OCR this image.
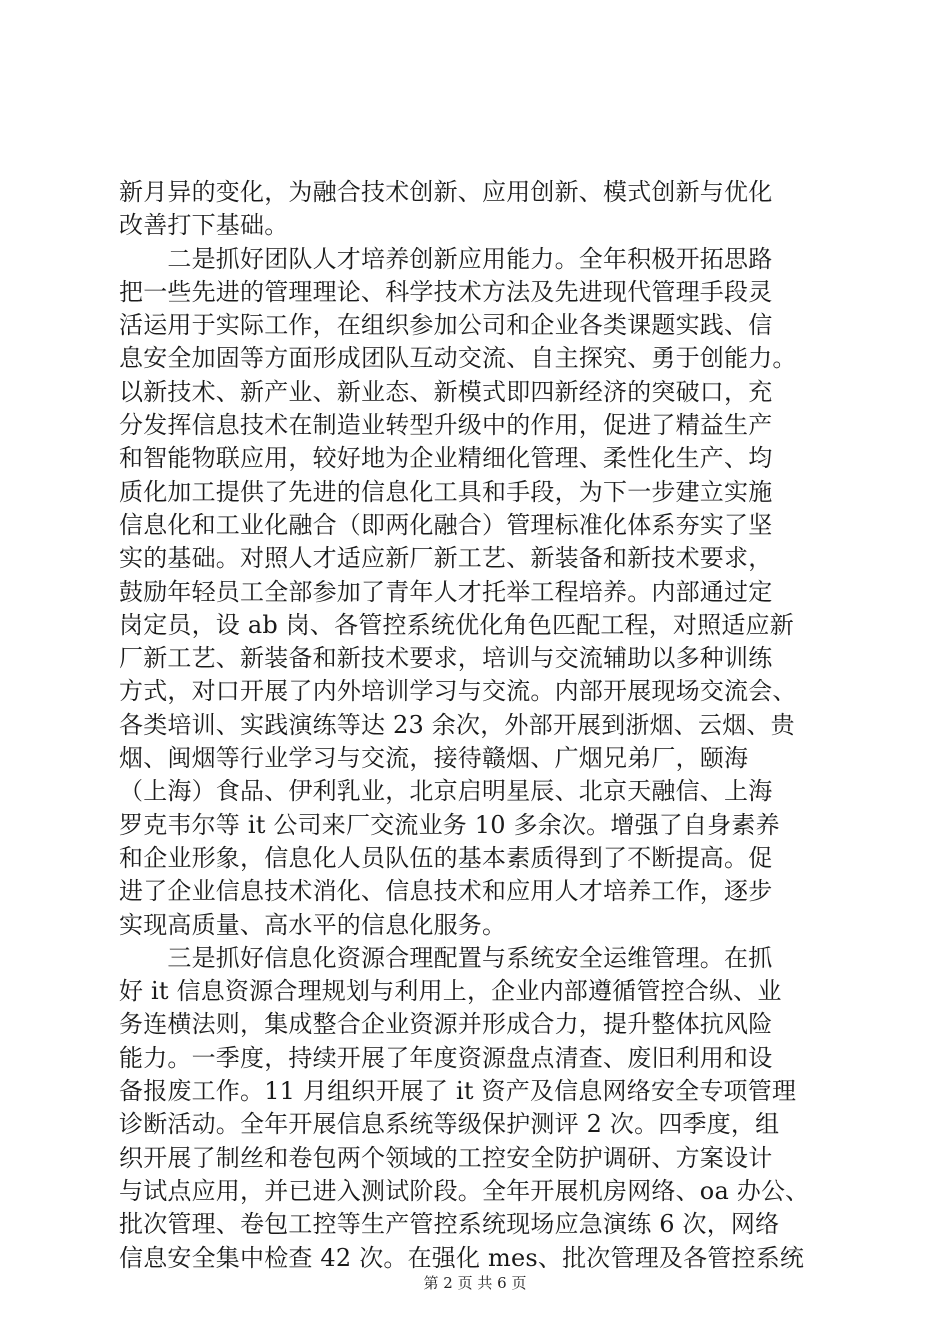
新月异的变化，为融合技术创新、应用创新、模式创新与优化
改善打下基础。
　　二是抓好团队人才培养创新应用能力。全年积极开拓思路
把一些先进的管理理论、科学技术方法及先进现代管理手段灵
活运用于实际工作，在组织参加公司和企业各类课题实践、信
息安全加固等方面形成团队互动交流、自主探究、勇于创能力。
以新技术、新产业、新业态、新模式即四新经济的突破口，充
分发挥信息技术在制造业转型升级中的作用，促进了精益生产
和智能物联应用，较好地为企业精细化管理、柔性化生产、均
质化加工提供了先进的信息化工具和手段，为下一步建立实施
信息化和工业化融合（即两化融合）管理标准化体系夯实了坚
实的基础。对照人才适应新厂新工艺、新装备和新技术要求，
鼓励年轻员工全部参加了青年人才托举工程培养。内部通过定
岗定员，设 ab 岗、各管控系统优化角色匹配工程，对照适应新
厂新工艺、新装备和新技术要求，培训与交流辅助以多种训练
方式，对口开展了内外培训学习与交流。内部开展现场交流会、
各类培训、实践演练等达 23 余次，外部开展到浙烟、云烟、贵
烟、闽烟等行业学习与交流，接待赣烟、广烟兄弟厂，颐海
（上海）食品、伊利乳业，北京启明星辰、北京天融信、上海
罗克韦尔等 it 公司来厂交流业务 10 多余次。增强了自身素养
和企业形象，信息化人员队伍的基本素质得到了不断提高。促
进了企业信息技术消化、信息技术和应用人才培养工作，逐步
实现高质量、高水平的信息化服务。
　　三是抓好信息化资源合理配置与系统安全运维管理。在抓
好 it 信息资源合理规划与利用上，企业内部遵循管控合纵、业
务连横法则，集成整合企业资源并形成合力，提升整体抗风险
能力。一季度，持续开展了年度资源盘点清查、废旧利用和设
备报废工作。11 月组织开展了 it 资产及信息网络安全专项管理
诊断活动。全年开展信息系统等级保护测评 2 次。四季度，组
织开展了制丝和卷包两个领域的工控安全防护调研、方案设计
与试点应用，并已进入测试阶段。全年开展机房网络、oa 办公、
批次管理、卷包工控等生产管控系统现场应急演练 6 次，网络
信息安全集中检查 42 次。在强化 mes、批次管理及各管控系统
第 2 页 共 6 页
